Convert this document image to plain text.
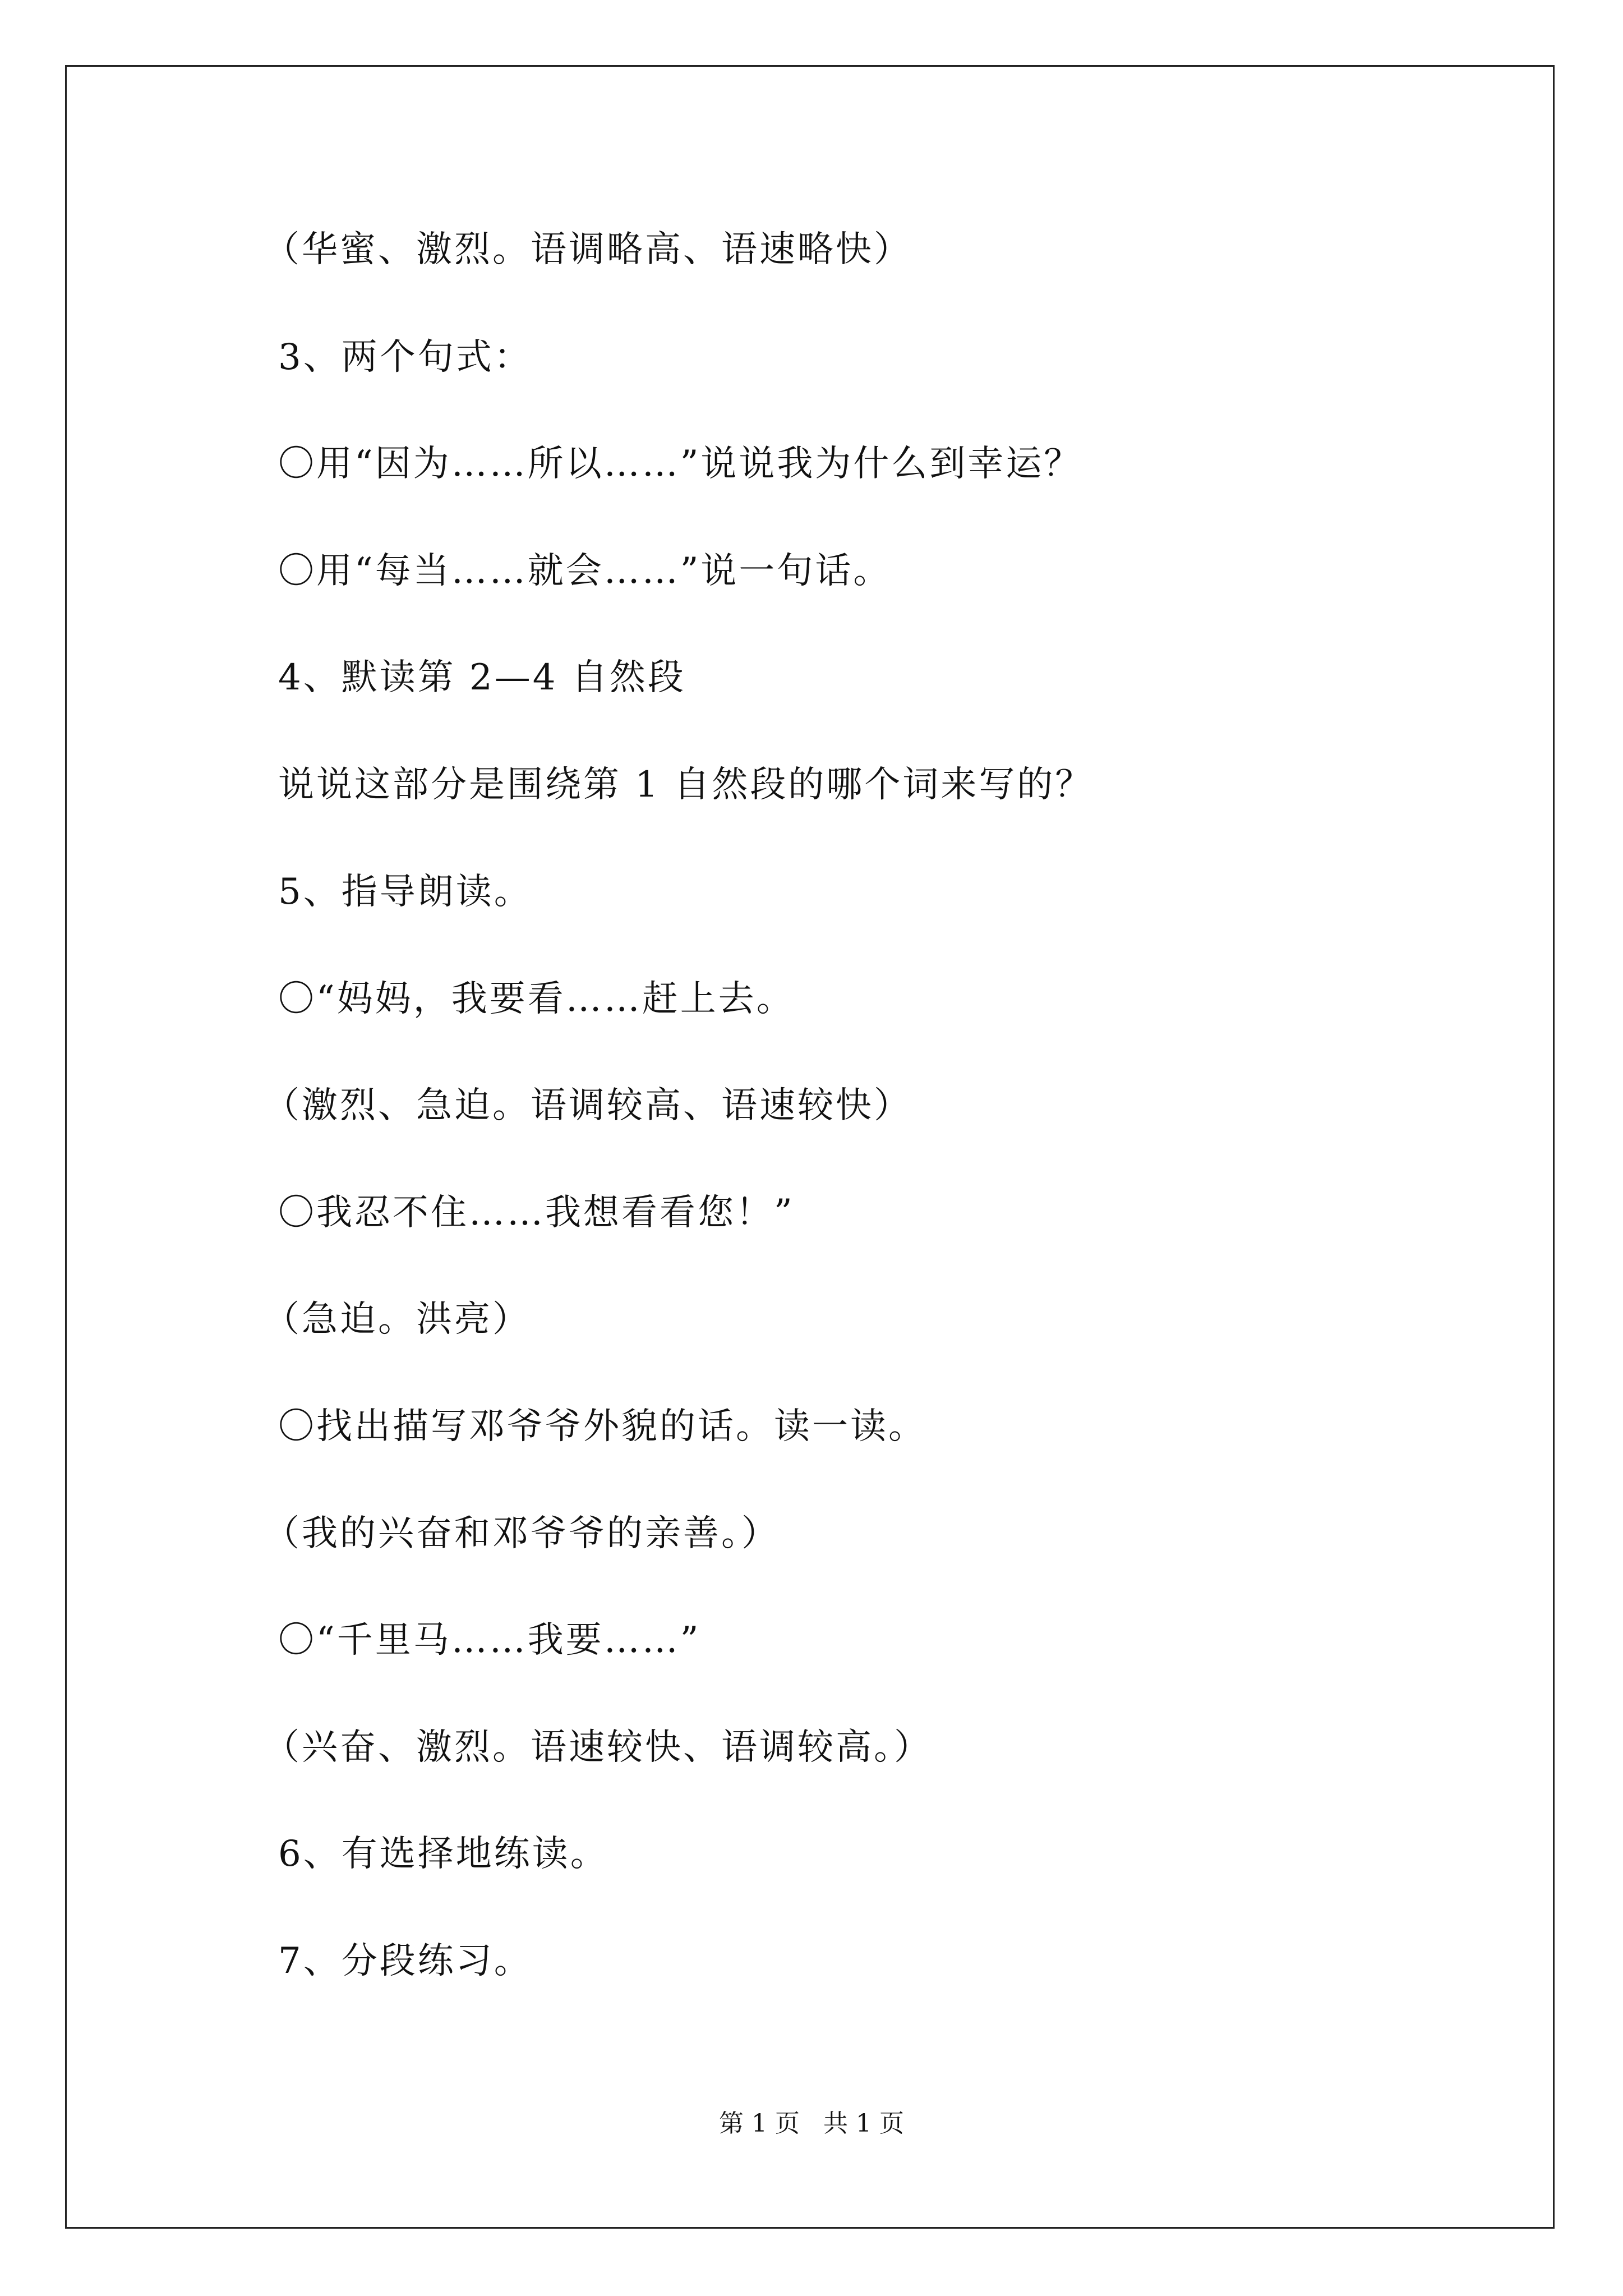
（华蜜、激烈。语调略高、语速略快）
3、两个句式：
〇用“因为……所以……”说说我为什么到幸运？
〇用“每当……就会……”说一句话。
4、默读第 2—4 自然段
说说这部分是围绕第 1 自然段的哪个词来写的？
5、指导朗读。
〇“妈妈，我要看……赶上去。
（激烈、急迫。语调较高、语速较快）
〇我忍不住……我想看看您！”
（急迫。洪亮）
〇找出描写邓爷爷外貌的话。读一读。
（我的兴奋和邓爷爷的亲善。）
〇“千里马……我要……”
（兴奋、激烈。语速较快、语调较高。）
6、有选择地练读。
7、分段练习。
第 1 页   共 1 页
